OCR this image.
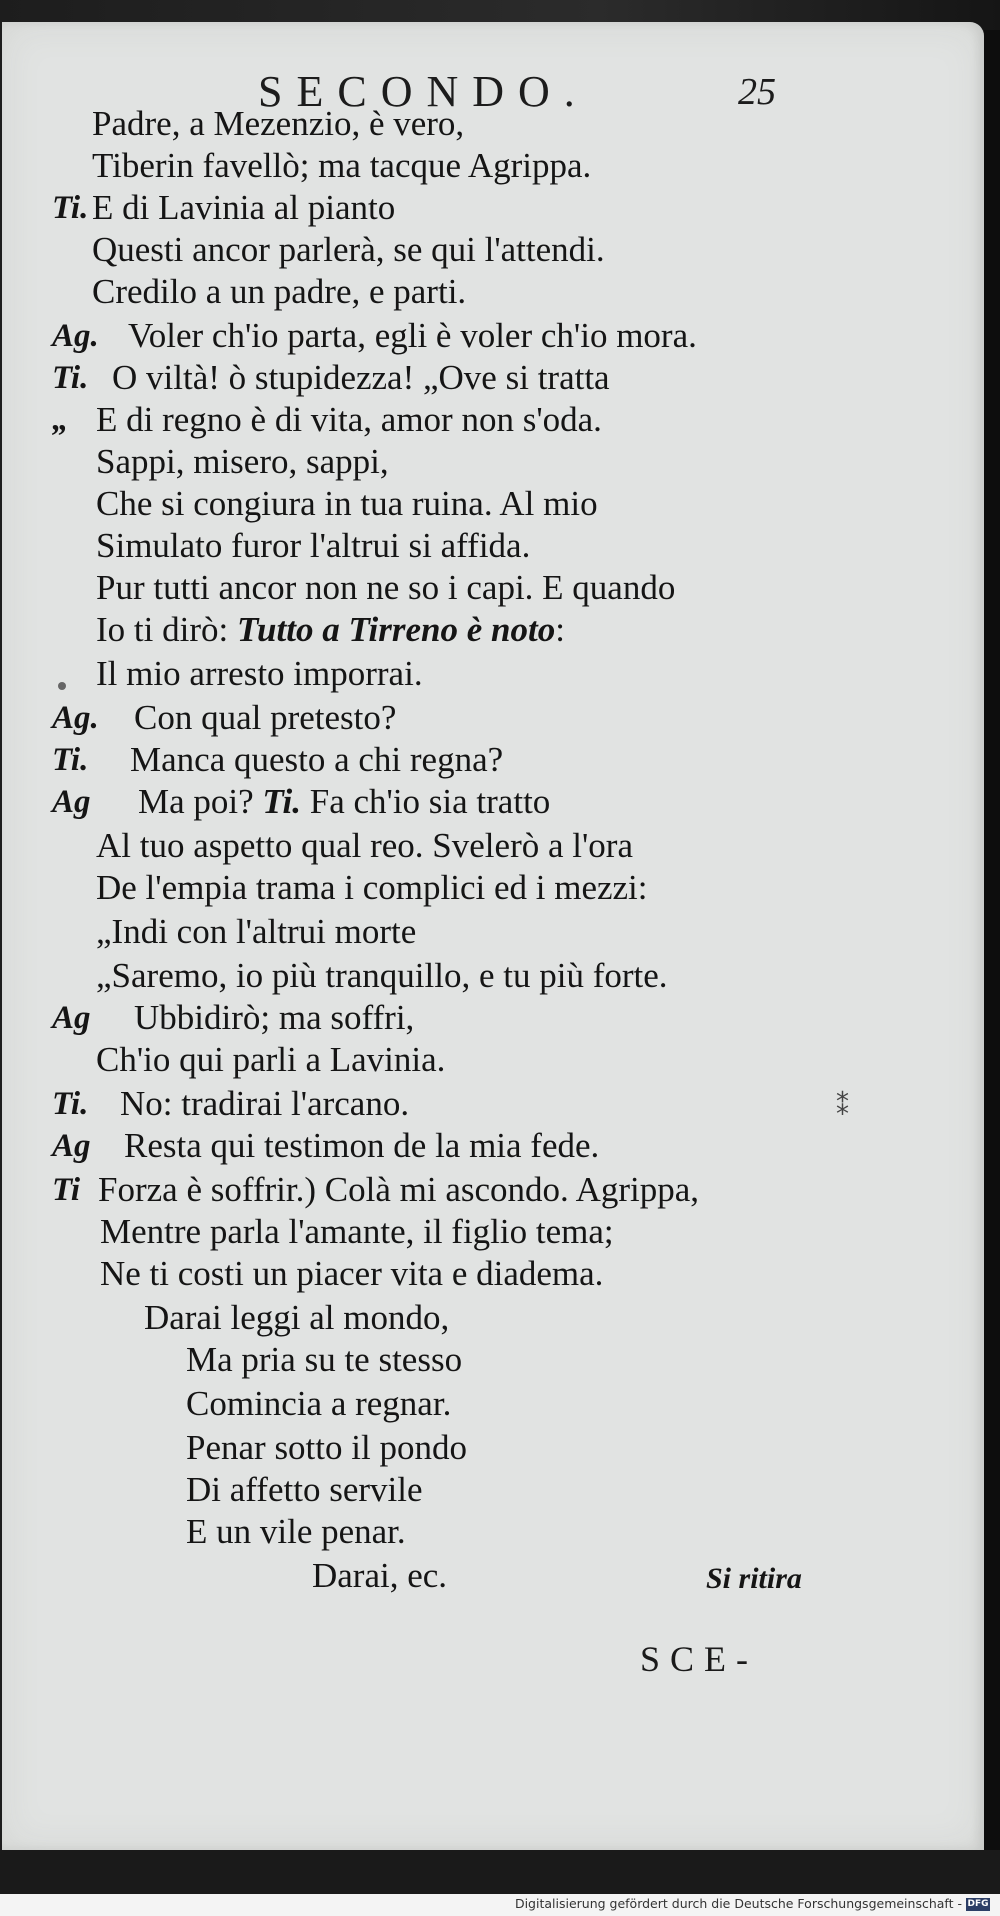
SECONDO.	25
⁑
Padre, a Mezenzio, è vero,
Tiberin favellò; ma tacque Agrippa.
Ti. E di Lavinia al pianto
Questi ancor parlerà, se qui l'attendi.
Credilo a un padre, e parti.
Ag. Voler ch'io parta, egli è voler ch'io mora.
Ti. O viltà! ò stupidezza! „Ove si tratta
„ E di regno è di vita, amor non s'oda.
Sappi, misero, sappi,
Che si congiura in tua ruina. Al mio
Simulato furor l'altrui si affida.
Pur tutti ancor non ne so i capi. E quando
Io ti dirò: Tutto a Tirreno è noto:
Il mio arresto imporrai.
Ag. Con qual pretesto?
Ti. Manca questo a chi regna?
Ag Ma poi? Ti. Fa ch'io sia tratto
Al tuo aspetto qual reo. Svelerò a l'ora
De l'empia trama i complici ed i mezzi:
„Indi con l'altrui morte
„Saremo, io più tranquillo, e tu più forte.
Ag Ubbidirò; ma soffri,
Ch'io qui parli a Lavinia.
Ti. No: tradirai l'arcano.
Ag Resta qui testimon de la mia fede.
Ti Forza è soffrir.) Colà mi ascondo. Agrippa,
Mentre parla l'amante, il figlio tema;
Ne ti costi un piacer vita e diadema.
Darai leggi al mondo,
Ma pria su te stesso
Comincia a regnar.
Penar sotto il pondo
Di affetto servile
E un vile penar.
Darai, ec.	Si ritira
SCE-
Digitalisierung gefördert durch die Deutsche Forschungsgemeinschaft - DFG
